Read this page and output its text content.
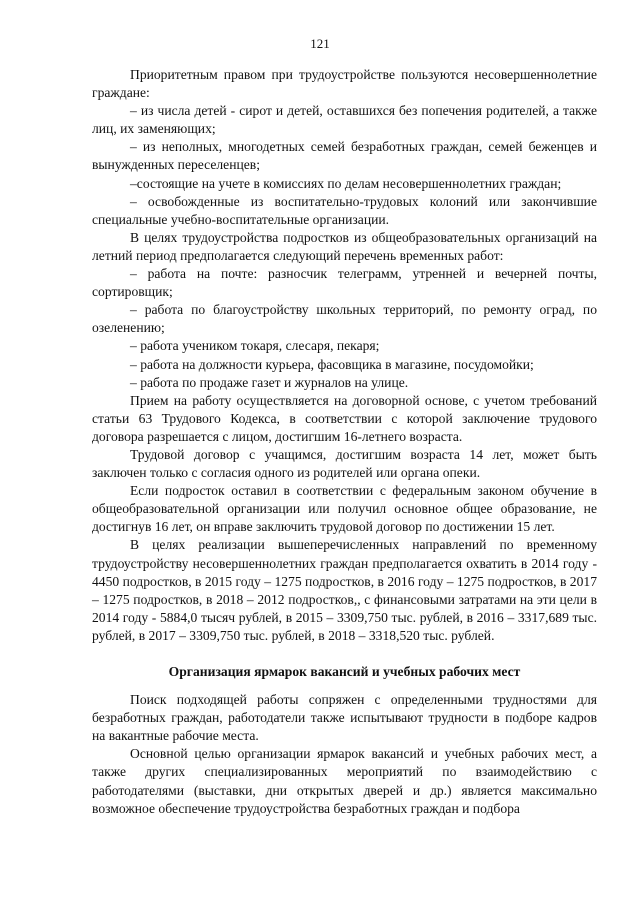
121

Приоритетным правом при трудоустройстве пользуются несовершеннолетние граждане:

– из числа детей - сирот и детей, оставшихся без попечения родителей, а также лиц, их заменяющих;

– из неполных, многодетных семей безработных граждан, семей беженцев и вынужденных переселенцев;

–состоящие на учете в комиссиях по делам несовершеннолетних граждан;

– освобожденные из воспитательно-трудовых колоний или закончившие специальные учебно-воспитательные организации.

В целях трудоустройства подростков из общеобразовательных организаций на летний период предполагается следующий перечень временных работ:

– работа на почте: разносчик телеграмм, утренней и вечерней почты, сортировщик;

– работа по благоустройству школьных территорий, по ремонту оград, по озеленению;

– работа учеником токаря, слесаря, пекаря;

– работа на должности курьера, фасовщика в магазине, посудомойки;

– работа по продаже газет и журналов на улице.

Прием на работу осуществляется на договорной основе, с учетом требований статьи 63 Трудового Кодекса, в соответствии с которой заключение трудового договора разрешается с лицом, достигшим 16-летнего возраста.

Трудовой договор с учащимся, достигшим возраста 14 лет, может быть заключен только с согласия одного из родителей или органа опеки.

Если подросток оставил в соответствии с федеральным законом обучение в общеобразовательной организации или получил основное общее образование, не достигнув 16 лет, он вправе заключить трудовой договор по достижении 15 лет.

В целях реализации вышеперечисленных направлений по временному трудоустройству несовершеннолетних граждан предполагается охватить в 2014 году - 4450 подростков, в 2015 году – 1275 подростков, в 2016 году – 1275 подростков, в 2017 – 1275 подростков, в 2018 – 2012 подростков,, с финансовыми затратами на эти цели в 2014 году - 5884,0 тысяч рублей, в 2015 – 3309,750 тыс. рублей, в 2016 – 3317,689 тыс. рублей, в 2017 – 3309,750 тыс. рублей, в 2018 – 3318,520 тыс. рублей.

Организация ярмарок вакансий и учебных рабочих мест

Поиск подходящей работы сопряжен с определенными трудностями для безработных граждан, работодатели также испытывают трудности в подборе кадров на вакантные рабочие места.

Основной целью организации ярмарок вакансий и учебных рабочих мест, а также других специализированных мероприятий по взаимодействию с работодателями (выставки, дни открытых дверей и др.) является максимально возможное обеспечение трудоустройства безработных граждан и подбора
